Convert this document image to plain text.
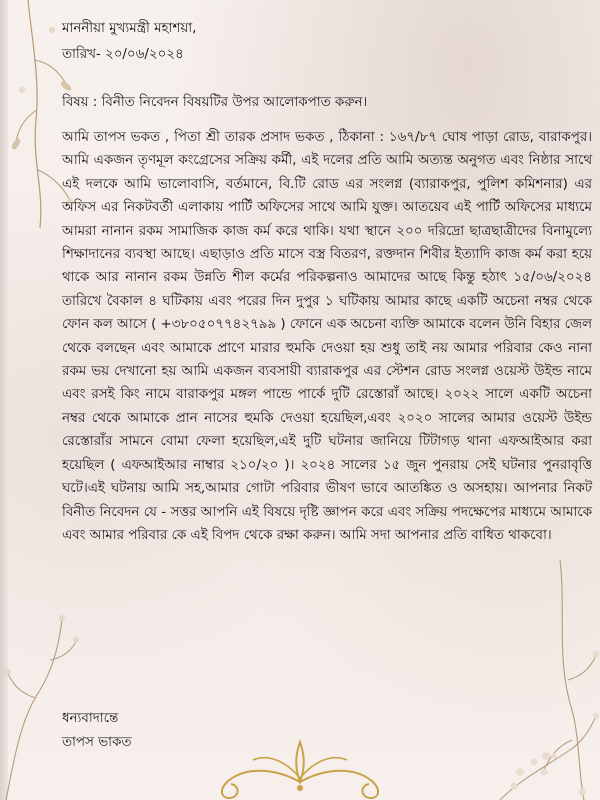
মাননীয়া মুখ্যমন্ত্রী মহাশয়া,
তারিখ- ২০/০৬/২০২৪
বিষয় : বিনীত নিবেদন বিষয়টির উপর আলোকপাত করুন।

আমি তাপস ভকত , পিতা শ্রী তারক প্রসাদ ভকত , ঠিকানা : ১৬৭/৮৭ ঘোষ পাড়া রোড, বারাকপুর।আমি একজন তৃণমূল কংগ্রেসের সক্রিয় কর্মী, এই দলের প্রতি আমি অত্যন্ত অনুগত এবং নিষ্ঠার সাথে এই দলকে আমি ভালোবাসি, বর্তমানে, বি.টি রোড এর সংলগ্ন (ব্যারাকপুর, পুলিশ কমিশনার) এর অফিস এর নিকটবর্তী এলাকায় পার্টি অফিসের সাথে আমি যুক্ত। আতয়েব এই পার্টি অফিসের মাধ্যমে আমরা নানান রকম সামাজিক কাজ কর্ম করে থাকি। যথা স্থানে ২০০ দরিদ্রো ছাত্রছাত্রীদের বিনামুল্যে শিক্ষাদানের ব্যবস্থা আছে। এছাড়াও প্রতি মাসে বস্ত্র বিতরণ, রক্তদান শিবীর ইত্যাদি কাজ কর্ম করা হয়ে থাকে আর নানান রকম উন্নতি শীল কর্মের পরিকল্পনাও আমাদের আছে কিন্তু হঠাৎ ১৫/০৬/২০২৪ তারিখে বৈকাল ৪ ঘটিকায় এবং পরের দিন দুপুর ১ ঘটিকায় আমার কাছে একটি অচেনা নম্বর থেকে ফোন কল আসে ( +৩৮০৫০৭৭৪২৭৯৯ ) ফোনে এক অচেনা ব্যক্তি আমাকে বলেন উনি বিহার জেল থেকে বলছেন এবং আমাকে প্রাণে মারার হুমকি দেওয়া হয় শুধু তাই নয় আমার পরিবার কেও নানা রকম ভয় দেখানো হয় আমি একজন ব্যবসায়ী ব্যারাকপুর এর স্টেশন রোড সংলগ্ন ওয়েস্ট উইন্ড নামে এবং রসই কিং নামে বারাকপুর মঙ্গল পান্ডে পার্কে দুটি রেস্তোরাঁ আছে। ২০২২ সালে একটি অচেনা নম্বর থেকে আমাকে প্রান নাসের হুমকি দেওয়া হয়েছিল,এবং ২০২০ সালের আমার ওয়েস্ট উইন্ড রেস্তোরাঁর সামনে বোমা ফেলা হয়েছিল,এই দুটি ঘটনার জানিয়ে টিটাগড় থানা এফআইআর করা হয়েছিল ( এফআইআর নাম্বার ২১০/২০ )। ২০২৪ সালের ১৫ জুন পুনরায় সেই ঘটনার পুনরাবৃত্তি ঘটে।এই ঘটনায় আমি সহ,আমার গোটা পরিবার ভীষণ ভাবে আতঙ্কিত ও অসহায়। আপনার নিকট বিনীত নিবেদন যে - সত্তর আপনি এই বিষয়ে দৃষ্টি জ্ঞাপন করে এবং সক্রিয় পদক্ষেপের মাধ্যমে আমাকে এবং আমার পরিবার কে এই বিপদ থেকে রক্ষা করুন। আমি সদা আপনার প্রতি বাধিত থাকবো।

ধন্যবাদান্তে
তাপস ভাকত
